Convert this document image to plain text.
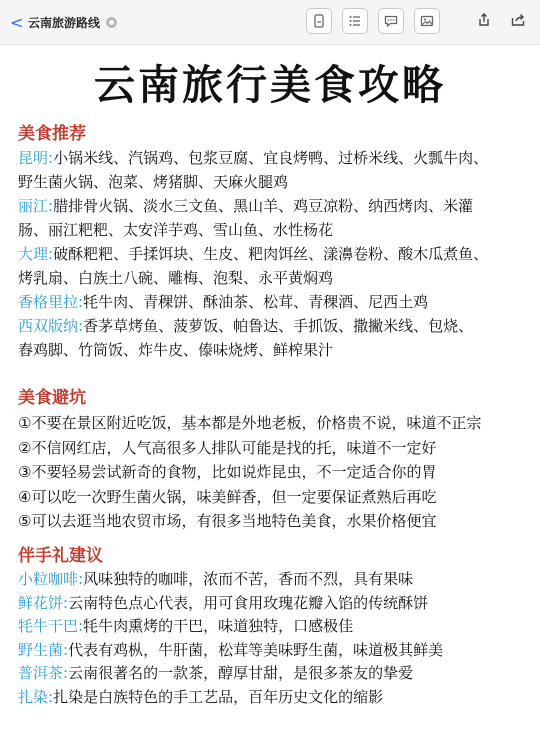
< 云南旅游路线
云南旅行美食攻略
美食推荐
昆明:小锅米线、汽锅鸡、包浆豆腐、宜良烤鸭、过桥米线、火瓢牛肉、
野生菌火锅、泡菜、烤猪脚、天麻火腿鸡
丽江:腊排骨火锅、淡水三文鱼、黑山羊、鸡豆凉粉、纳西烤肉、米灌
肠、丽江粑粑、太安洋芋鸡、雪山鱼、水性杨花
大理:破酥粑粑、手揉饵块、生皮、粑肉饵丝、漾濞卷粉、酸木瓜煮鱼、
烤乳扇、白族土八碗、雕梅、泡梨、永平黄焖鸡
香格里拉:牦牛肉、青稞饼、酥油茶、松茸、青稞酒、尼西土鸡
西双版纳:香茅草烤鱼、菠萝饭、帕鲁达、手抓饭、撒撇米线、包烧、
舂鸡脚、竹筒饭、炸牛皮、傣味烧烤、鲜榨果汁
美食避坑
①不要在景区附近吃饭，基本都是外地老板，价格贵不说，味道不正宗
②不信网红店，人气高很多人排队可能是找的托，味道不一定好
③不要轻易尝试新奇的食物，比如说炸昆虫，不一定适合你的胃
④可以吃一次野生菌火锅，味美鲜香，但一定要保证煮熟后再吃
⑤可以去逛当地农贸市场，有很多当地特色美食，水果价格便宜
伴手礼建议
小粒咖啡:风味独特的咖啡，浓而不苦，香而不烈，具有果味
鲜花饼:云南特色点心代表，用可食用玫瑰花瓣入馅的传统酥饼
牦牛干巴:牦牛肉熏烤的干巴，味道独特，口感极佳
野生菌:代表有鸡枞，牛肝菌，松茸等美味野生菌，味道极其鲜美
普洱茶:云南很著名的一款茶，醇厚甘甜，是很多茶友的挚爱
扎染:扎染是白族特色的手工艺品，百年历史文化的缩影
